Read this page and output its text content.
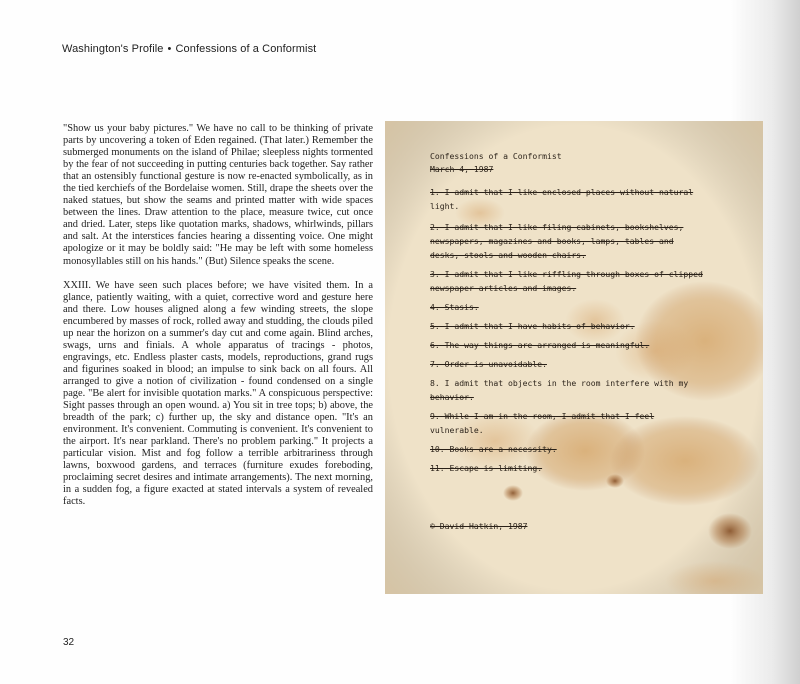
Washington's Profile • Confessions of a Conformist

"Show us your baby pictures." We have no call to be thinking of private parts by uncovering a token of Eden regained. (That later.) Remember the submerged monuments on the island of Philae; sleepless nights tormented by the fear of not succeeding in putting centuries back together. Say rather that an ostensibly functional gesture is now re-enacted symbolically, as in the tied kerchiefs of the Bordelaise women. Still, drape the sheets over the naked statues, but show the seams and printed matter with wide spaces between the lines. Draw attention to the place, measure twice, cut once and dried. Later, steps like quotation marks, shadows, whirlwinds, pillars and salt. At the interstices fancies hearing a dissenting voice. One might apologize or it may be boldly said: "He may be left with some homeless monosyllables still on his hands." (But) Silence speaks the scene.

XXIII. We have seen such places before; we have visited them. In a glance, patiently waiting, with a quiet, corrective word and gesture here and there. Low houses aligned along a few winding streets, the slope encumbered by masses of rock, rolled away and studding, the clouds piled up near the horizon on a summer's day cut and come again. Blind arches, swags, urns and finials. A whole apparatus of tracings - photos, engravings, etc. Endless plaster casts, models, reproductions, grand rugs and figurines soaked in blood; an impulse to sink back on all fours. All arranged to give a notion of civilization - found condensed on a single page. "Be alert for invisible quotation marks." A conspicuous perspective: Sight passes through an open wound. a) You sit in tree tops; b) above, the breadth of the park; c) further up, the sky and distance open. "It's an environment. It's convenient. Commuting is convenient. It's convenient to the airport. It's near parkland. There's no problem parking." It projects a particular vision. Mist and fog follow a terrible arbitrariness through lawns, boxwood gardens, and terraces (furniture exudes foreboding, proclaiming secret desires and intimate arrangements). The next morning, in a sudden fog, a figure exacted at stated intervals a system of revealed facts.

Confessions of a Conformist
March 4, 1987
1. I admit that I like enclosed places without natural
light.
2. I admit that I like filing cabinets, bookshelves,
newspapers, magazines and books, lamps, tables and
desks, stools and wooden chairs.
3. I admit that I like riffling through boxes of clipped
newspaper articles and images.
4. Stasis.
5. I admit that I have habits of behavior.
6. The way things are arranged is meaningful.
7. Order is unavoidable.
8. I admit that objects in the room interfere with my
behavior.
9. While I am in the room, I admit that I feel
vulnerable.
10. Books are a necessity.
11. Escape is limiting.
© David Hatkin, 1987
32
